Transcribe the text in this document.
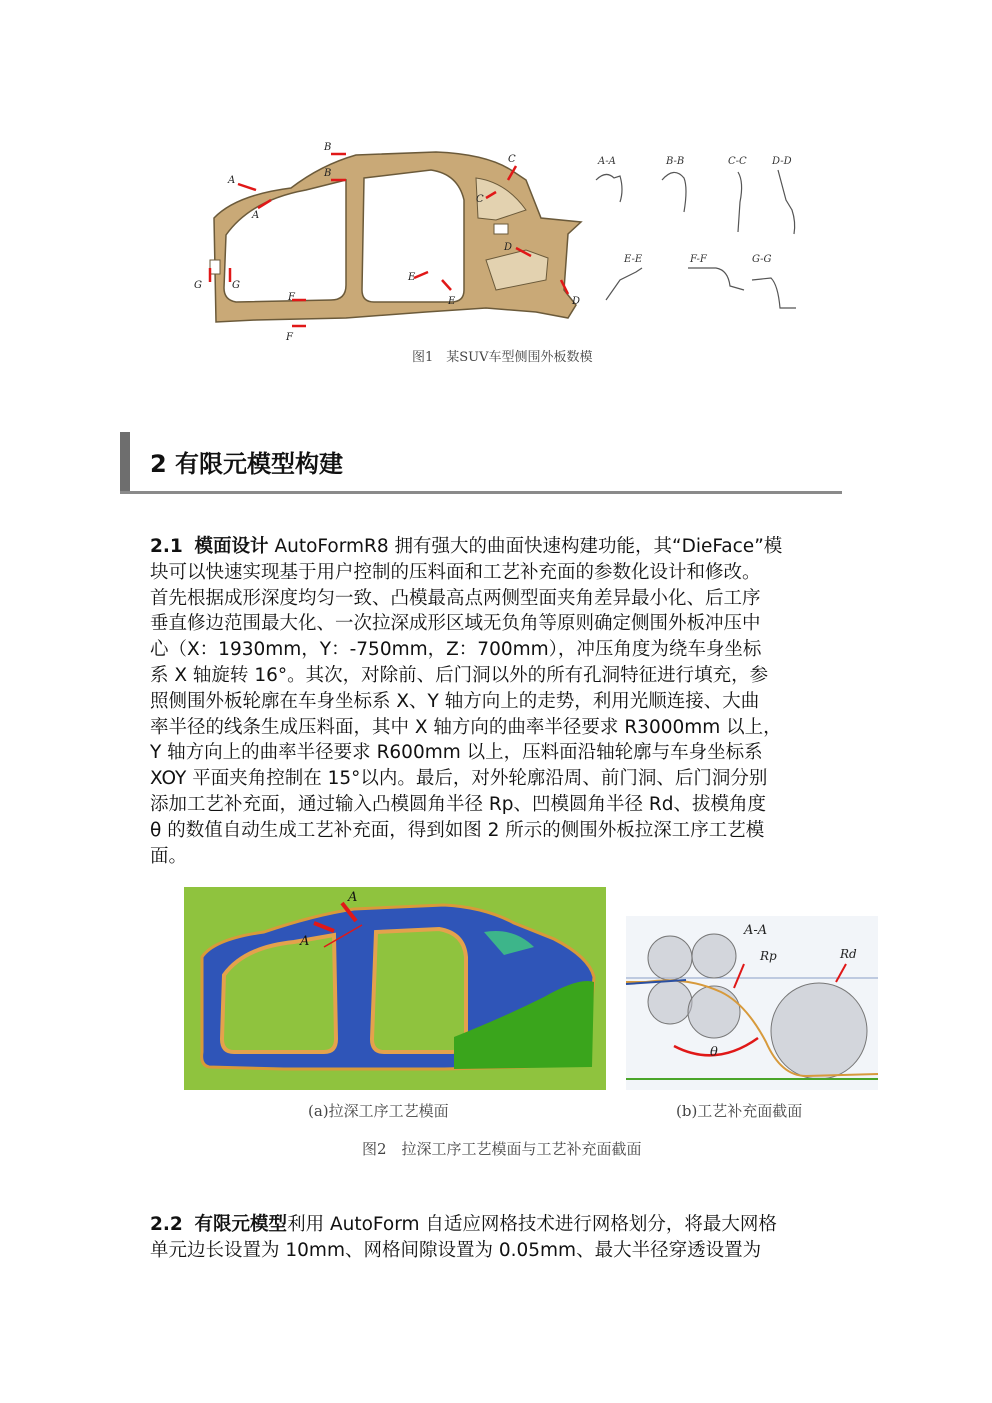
A
A
B
B
C
C
D
D
E
E
F
F
G	G
A-A	B-B	C-C	D-D
E-E	F-F	G-G
图1　某SUV车型侧围外板数模
2 有限元模型构建
2.1 模面设计 AutoFormR8 拥有强大的曲面快速构建功能，其“DieFace”模
块可以快速实现基于用户控制的压料面和工艺补充面的参数化设计和修改。
首先根据成形深度均匀一致、凸模最高点两侧型面夹角差异最小化、后工序
垂直修边范围最大化、一次拉深成形区域无负角等原则确定侧围外板冲压中
心（X：1930mm，Y：-750mm，Z：700mm），冲压角度为绕车身坐标
系 X 轴旋转 16°。其次，对除前、后门洞以外的所有孔洞特征进行填充，参
照侧围外板轮廓在车身坐标系 X、Y 轴方向上的走势，利用光顺连接、大曲
率半径的线条生成压料面，其中 X 轴方向的曲率半径要求 R3000mm 以上，
Y 轴方向上的曲率半径要求 R600mm 以上，压料面沿轴轮廓与车身坐标系
XOY 平面夹角控制在 15°以内。最后，对外轮廓沿周、前门洞、后门洞分别
添加工艺补充面，通过输入凸模圆角半径 Rp、凹模圆角半径 Rd、拔模角度
θ 的数值自动生成工艺补充面，得到如图 2 所示的侧围外板拉深工序工艺模
面。
A
A
A-A
Rp	Rd
θ
(a)拉深工序工艺模面	(b)工艺补充面截面
图2　拉深工序工艺模面与工艺补充面截面
2.2 有限元模型利用 AutoForm 自适应网格技术进行网格划分，将最大网格
单元边长设置为 10mm、网格间隙设置为 0.05mm、最大半径穿透设置为
